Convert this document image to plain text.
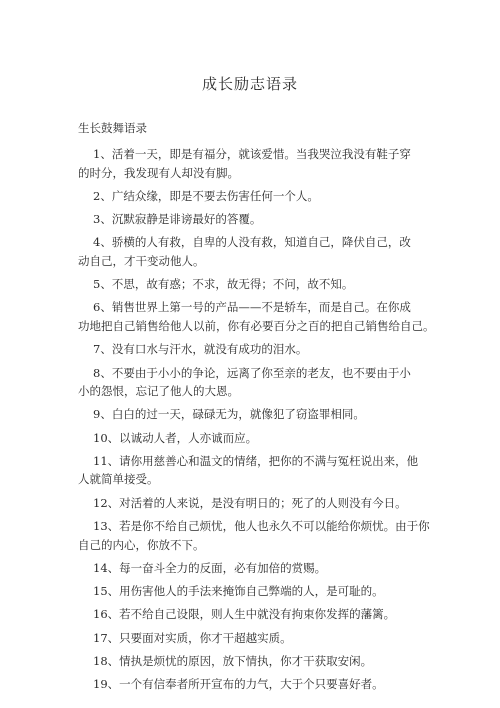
成长励志语录
生长鼓舞语录
1、活着一天，即是有福分，就该爱惜。当我哭泣我没有鞋子穿
的时分，我发现有人却没有脚。
2、广结众缘，即是不要去伤害任何一个人。
3、沉默寂静是诽谤最好的答覆。
4、骄横的人有救，自卑的人没有救，知道自己，降伏自己，改
动自己，才干变动他人。
5、不思，故有惑；不求，故无得；不问，故不知。
6、销售世界上第一号的产品——不是轿车，而是自己。在你成
功地把自己销售给他人以前，你有必要百分之百的把自己销售给自己。
7、没有口水与汗水，就没有成功的泪水。
8、不要由于小小的争论，远离了你至亲的老友，也不要由于小
小的怨恨，忘记了他人的大恩。
9、白白的过一天，碌碌无为，就像犯了窃盗罪相同。
10、以诚动人者，人亦诚而应。
11、请你用慈善心和温文的情绪，把你的不满与冤枉说出来，他
人就简单接受。
12、对活着的人来说，是没有明日的；死了的人则没有今日。
13、若是你不给自己烦忧，他人也永久不可以能给你烦忧。由于你
自己的内心，你放不下。
14、每一奋斗全力的反面，必有加倍的赏赐。
15、用伤害他人的手法来掩饰自己弊端的人，是可耻的。
16、若不给自己设限，则人生中就没有拘束你发挥的藩篱。
17、只要面对实质，你才干超越实质。
18、情执是烦忧的原因，放下情执，你才干获取安闲。
19、一个有信奉者所开宣布的力气，大于个只要喜好者。
